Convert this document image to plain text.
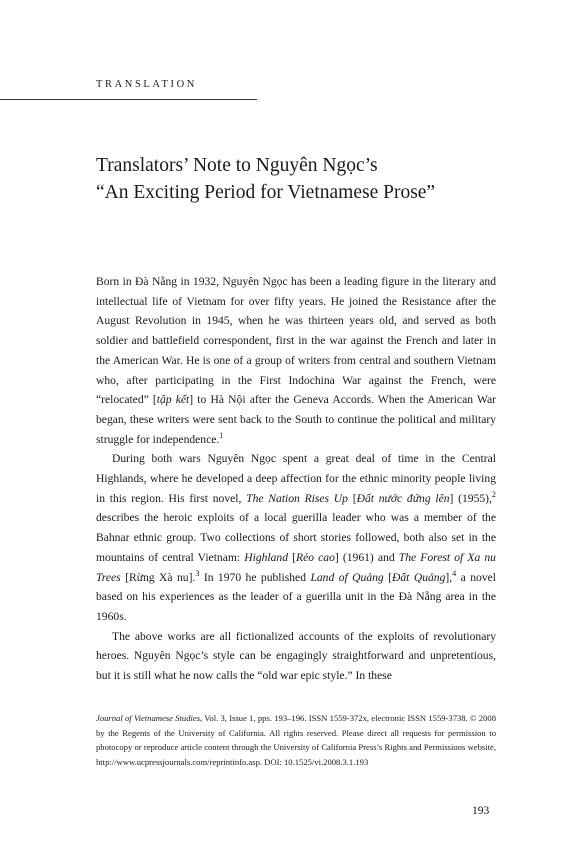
TRANSLATION
Translators’ Note to Nguyên Ngọc’s
“An Exciting Period for Vietnamese Prose”

Born in Đà Nẵng in 1932, Nguyên Ngọc has been a leading figure in the literary and intellectual life of Vietnam for over fifty years. He joined the Resistance after the August Revolution in 1945, when he was thirteen years old, and served as both soldier and battlefield correspondent, first in the war against the French and later in the American War. He is one of a group of writers from central and southern Vietnam who, after participating in the First Indochina War against the French, were “relocated” [tập kết] to Hà Nội after the Geneva Accords. When the American War began, these writers were sent back to the South to continue the political and military struggle for independence.$^1$

During both wars Nguyên Ngọc spent a great deal of time in the Central Highlands, where he developed a deep affection for the ethnic minority people living in this region. His first novel, The Nation Rises Up [Đất nước đứng lên] (1955),$^2$ describes the heroic exploits of a local guerilla leader who was a member of the Bahnar ethnic group. Two collections of short stories followed, both also set in the mountains of central Vietnam: Highland [Rẻo cao] (1961) and The Forest of Xa nu Trees [Rừng Xà nu].$^3$ In 1970 he published Land of Quảng [Đất Quảng],$^4$ a novel based on his experiences as the leader of a guerilla unit in the Đà Nẵng area in the 1960s.

The above works are all fictionalized accounts of the exploits of revolutionary heroes. Nguyên Ngọc’s style can be engagingly straightforward and unpretentious, but it is still what he now calls the “old war epic style.” In these

Journal of Vietnamese Studies, Vol. 3, Issue 1, pps. 193–196. ISSN 1559-372x, electronic ISSN 1559-3738. © 2008 by the Regents of the University of California. All rights reserved. Please direct all requests for permission to photocopy or reproduce article content through the University of California Press’s Rights and Permissions website, http://www.ucpressjournals.com/reprintinfo.asp. DOI: 10.1525/vi.2008.3.1.193
193
